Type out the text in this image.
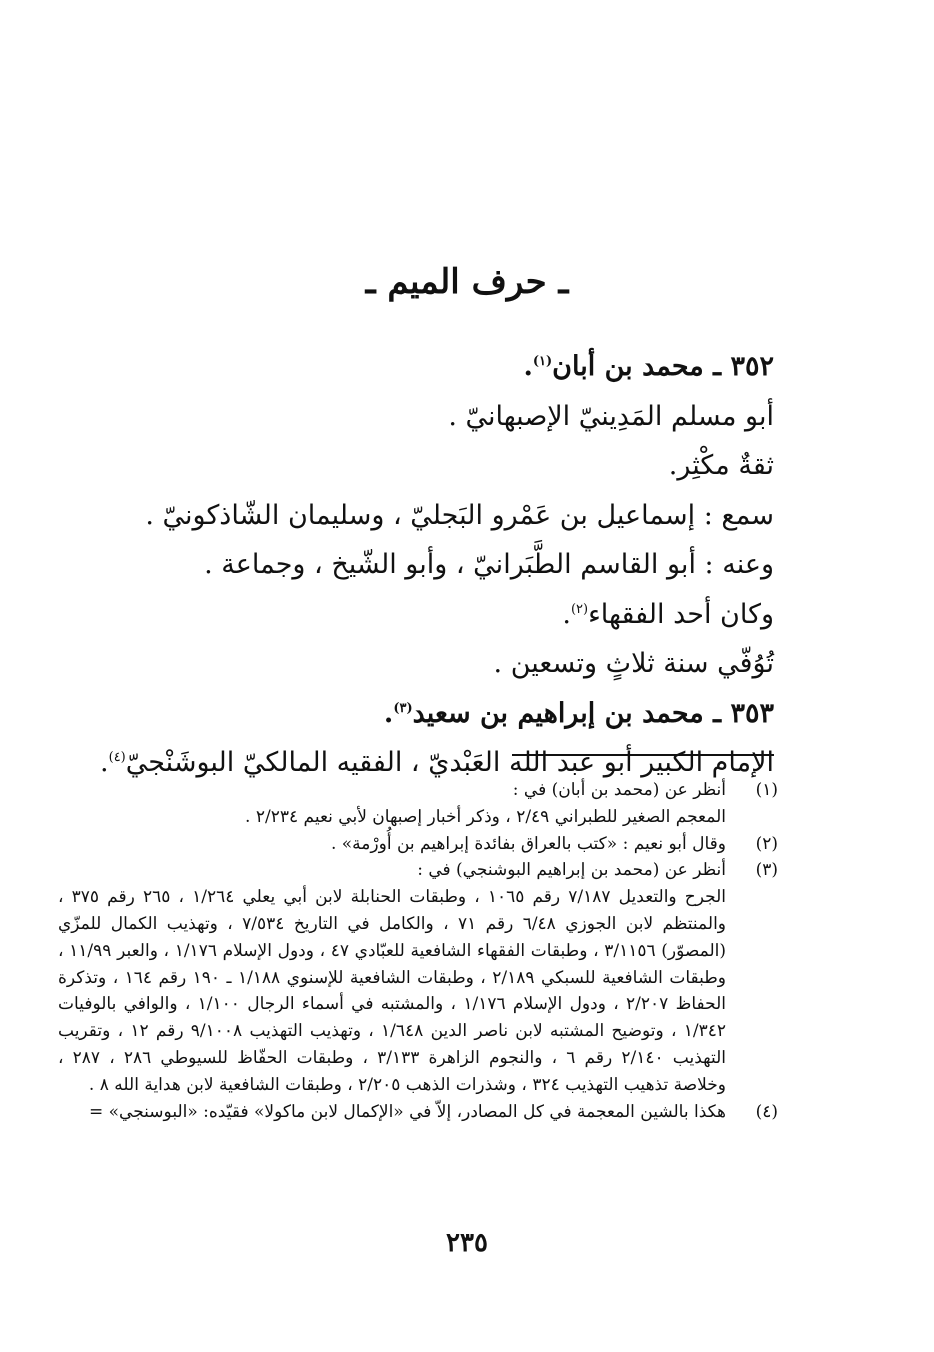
ـ حرف الميم ـ
٣٥٢ ـ محمد بن أبان$^{(١)}$.
أبو مسلم المَدِينيّ الإصبهانيّ .
ثقةٌ مكْثِر.
سمع : إسماعيل بن عَمْرو البَجليّ ، وسليمان الشّاذكونيّ .
وعنه : أبو القاسم الطَّبَرانيّ ، وأبو الشّيخ ، وجماعة .
وكان أحد الفقهاء$^{(٢)}$.
تُوُفّي سنة ثلاثٍ وتسعين .
٣٥٣ ـ محمد بن إبراهيم بن سعيد$^{(٣)}$.
الإمام الكبير أبو عبد الله العَبْديّ ، الفقيه المالكيّ البوشَنْجيّ$^{(٤)}$.
(١)
أنظر عن (محمد بن أبان) في :
المعجم الصغير للطبراني ٢/٤٩ ، وذكر أخبار إصبهان لأبي نعيم ٢/٢٣٤ .
(٢)
وقال أبو نعيم : «كتب بالعراق بفائدة إبراهيم بن أُورْمة» .
(٣)
أنظر عن (محمد بن إبراهيم البوشنجي) في :
الجرح والتعديل ٧/١٨٧ رقم ١٠٦٥ ، وطبقات الحنابلة لابن أبي يعلي ١/٢٦٤ ، ٢٦٥ رقم ٣٧٥ ، والمنتظم لابن الجوزي ٦/٤٨ رقم ٧١ ، والكامل في التاريخ ٧/٥٣٤ ، وتهذيب الكمال للمزّي (المصوّر) ٣/١١٥٦ ، وطبقات الفقهاء الشافعية للعبّادي ٤٧ ، ودول الإسلام ١/١٧٦ ، والعبر ١١/٩٩ ، وطبقات الشافعية للسبكي ٢/١٨٩ ، وطبقات الشافعية للإسنوي ١/١٨٨ ـ ١٩٠ رقم ١٦٤ ، وتذكرة الحفاظ ٢/٢٠٧ ، ودول الإسلام ١/١٧٦ ، والمشتبه في أسماء الرجال ١/١٠٠ ، والوافي بالوفيات ١/٣٤٢ ، وتوضيح المشتبه لابن ناصر الدين ١/٦٤٨ ، وتهذيب التهذيب ٩/١٠٠٨ رقم ١٢ ، وتقريب التهذيب ٢/١٤٠ رقم ٦ ، والنجوم الزاهرة ٣/١٣٣ ، وطبقات الحفّاظ للسيوطي ٢٨٦ ، ٢٨٧ ، وخلاصة تذهيب التهذيب ٣٢٤ ، وشذرات الذهب ٢/٢٠٥ ، وطبقات الشافعية لابن هداية الله ٨ .
(٤)
هكذا بالشين المعجمة في كل المصادر، إلاّ في «الإكمال لابن ماكولا» فقيّده: «البوسنجي» =
٢٣٥
